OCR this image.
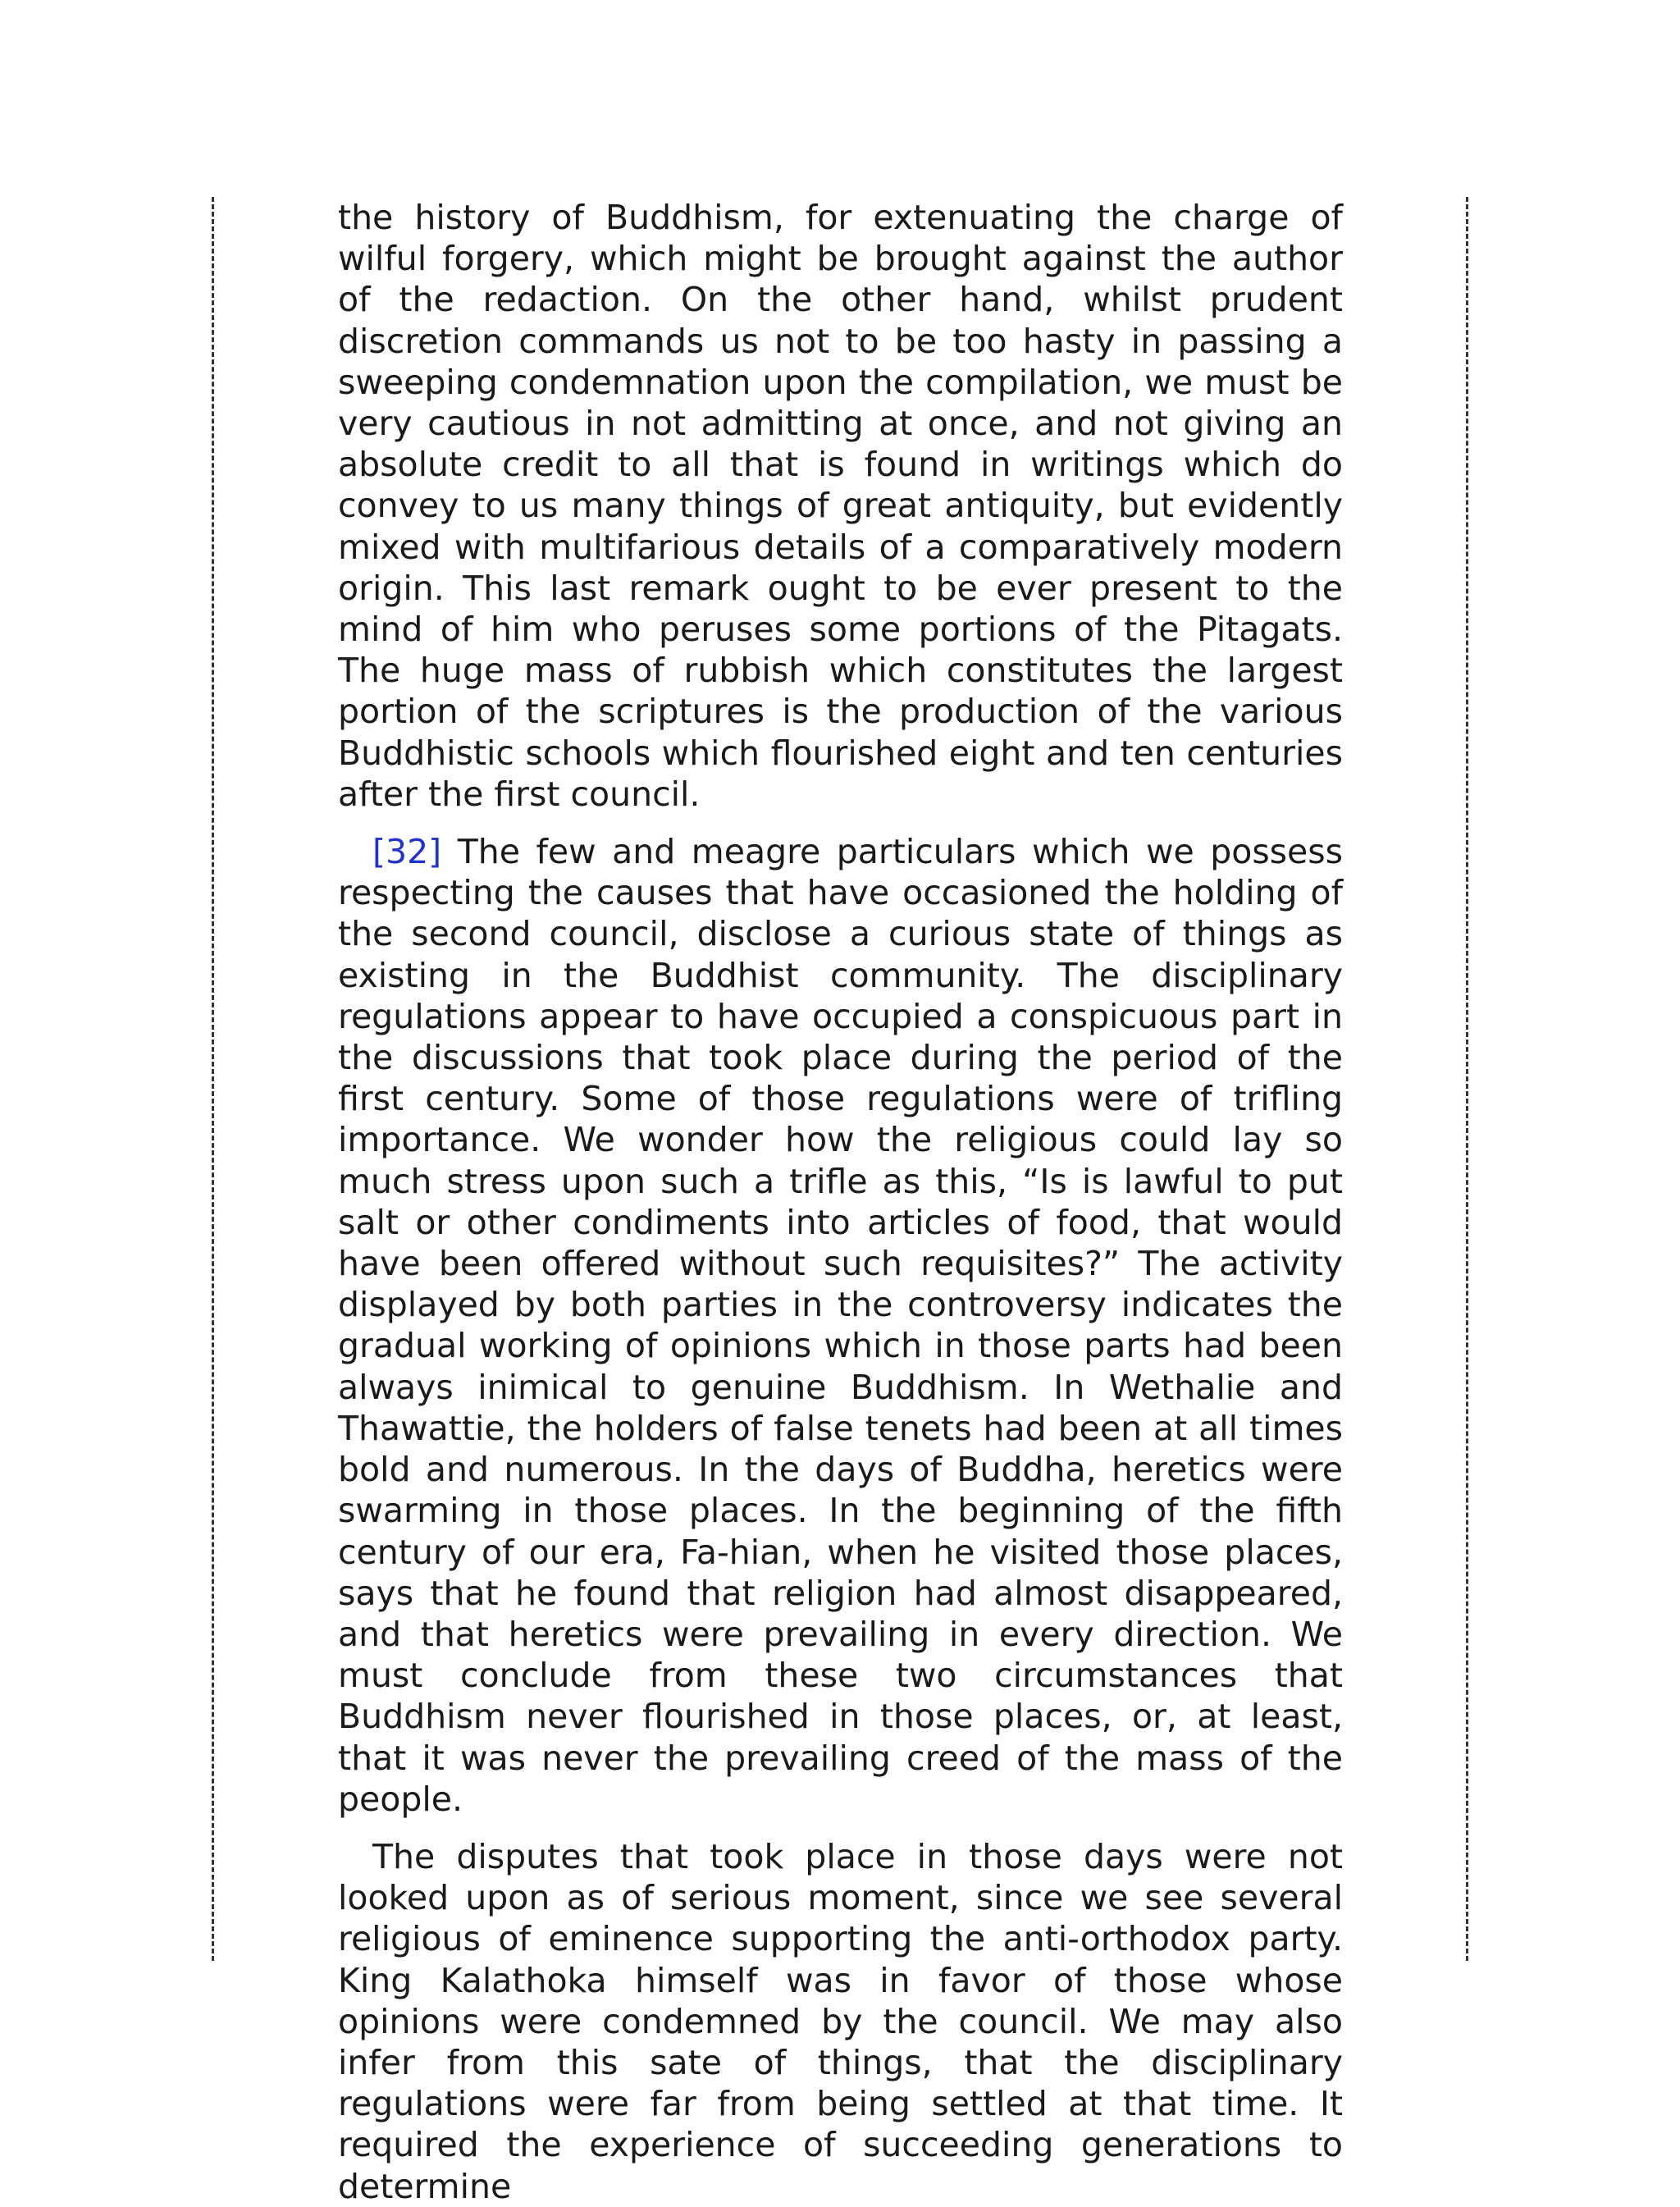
the history of Buddhism, for extenuating the charge of wilful forgery, which might be brought against the author of the redaction. On the other hand, whilst prudent discretion commands us not to be too hasty in passing a sweeping condemnation upon the compilation, we must be very cautious in not admitting at once, and not giving an absolute credit to all that is found in writings which do convey to us many things of great antiquity, but evidently mixed with multifarious details of a comparatively modern origin. This last remark ought to be ever present to the mind of him who peruses some portions of the Pitagats. The huge mass of rubbish which constitutes the largest portion of the scriptures is the production of the various Buddhistic schools which flourished eight and ten centuries after the first council.

[32] The few and meagre particulars which we possess respecting the causes that have occasioned the holding of the second council, disclose a curious state of things as existing in the Buddhist community. The disciplinary regulations appear to have occupied a conspicuous part in the discussions that took place during the period of the first century. Some of those regulations were of trifling importance. We wonder how the religious could lay so much stress upon such a trifle as this, “Is is lawful to put salt or other condiments into articles of food, that would have been offered without such requisites?” The activity displayed by both parties in the controversy indicates the gradual working of opinions which in those parts had been always inimical to genuine Buddhism. In Wethalie and Thawattie, the holders of false tenets had been at all times bold and numerous. In the days of Buddha, heretics were swarming in those places. In the beginning of the fifth century of our era, Fa-hian, when he visited those places, says that he found that religion had almost disappeared, and that heretics were prevailing in every direction. We must conclude from these two circumstances that Buddhism never flourished in those places, or, at least, that it was never the prevailing creed of the mass of the people.

The disputes that took place in those days were not looked upon as of serious moment, since we see several religious of eminence supporting the anti-orthodox party. King Kalathoka himself was in favor of those whose opinions were condemned by the council. We may also infer from this sate of things, that the disciplinary regulations were far from being settled at that time. It required the experience of succeeding generations to determine
